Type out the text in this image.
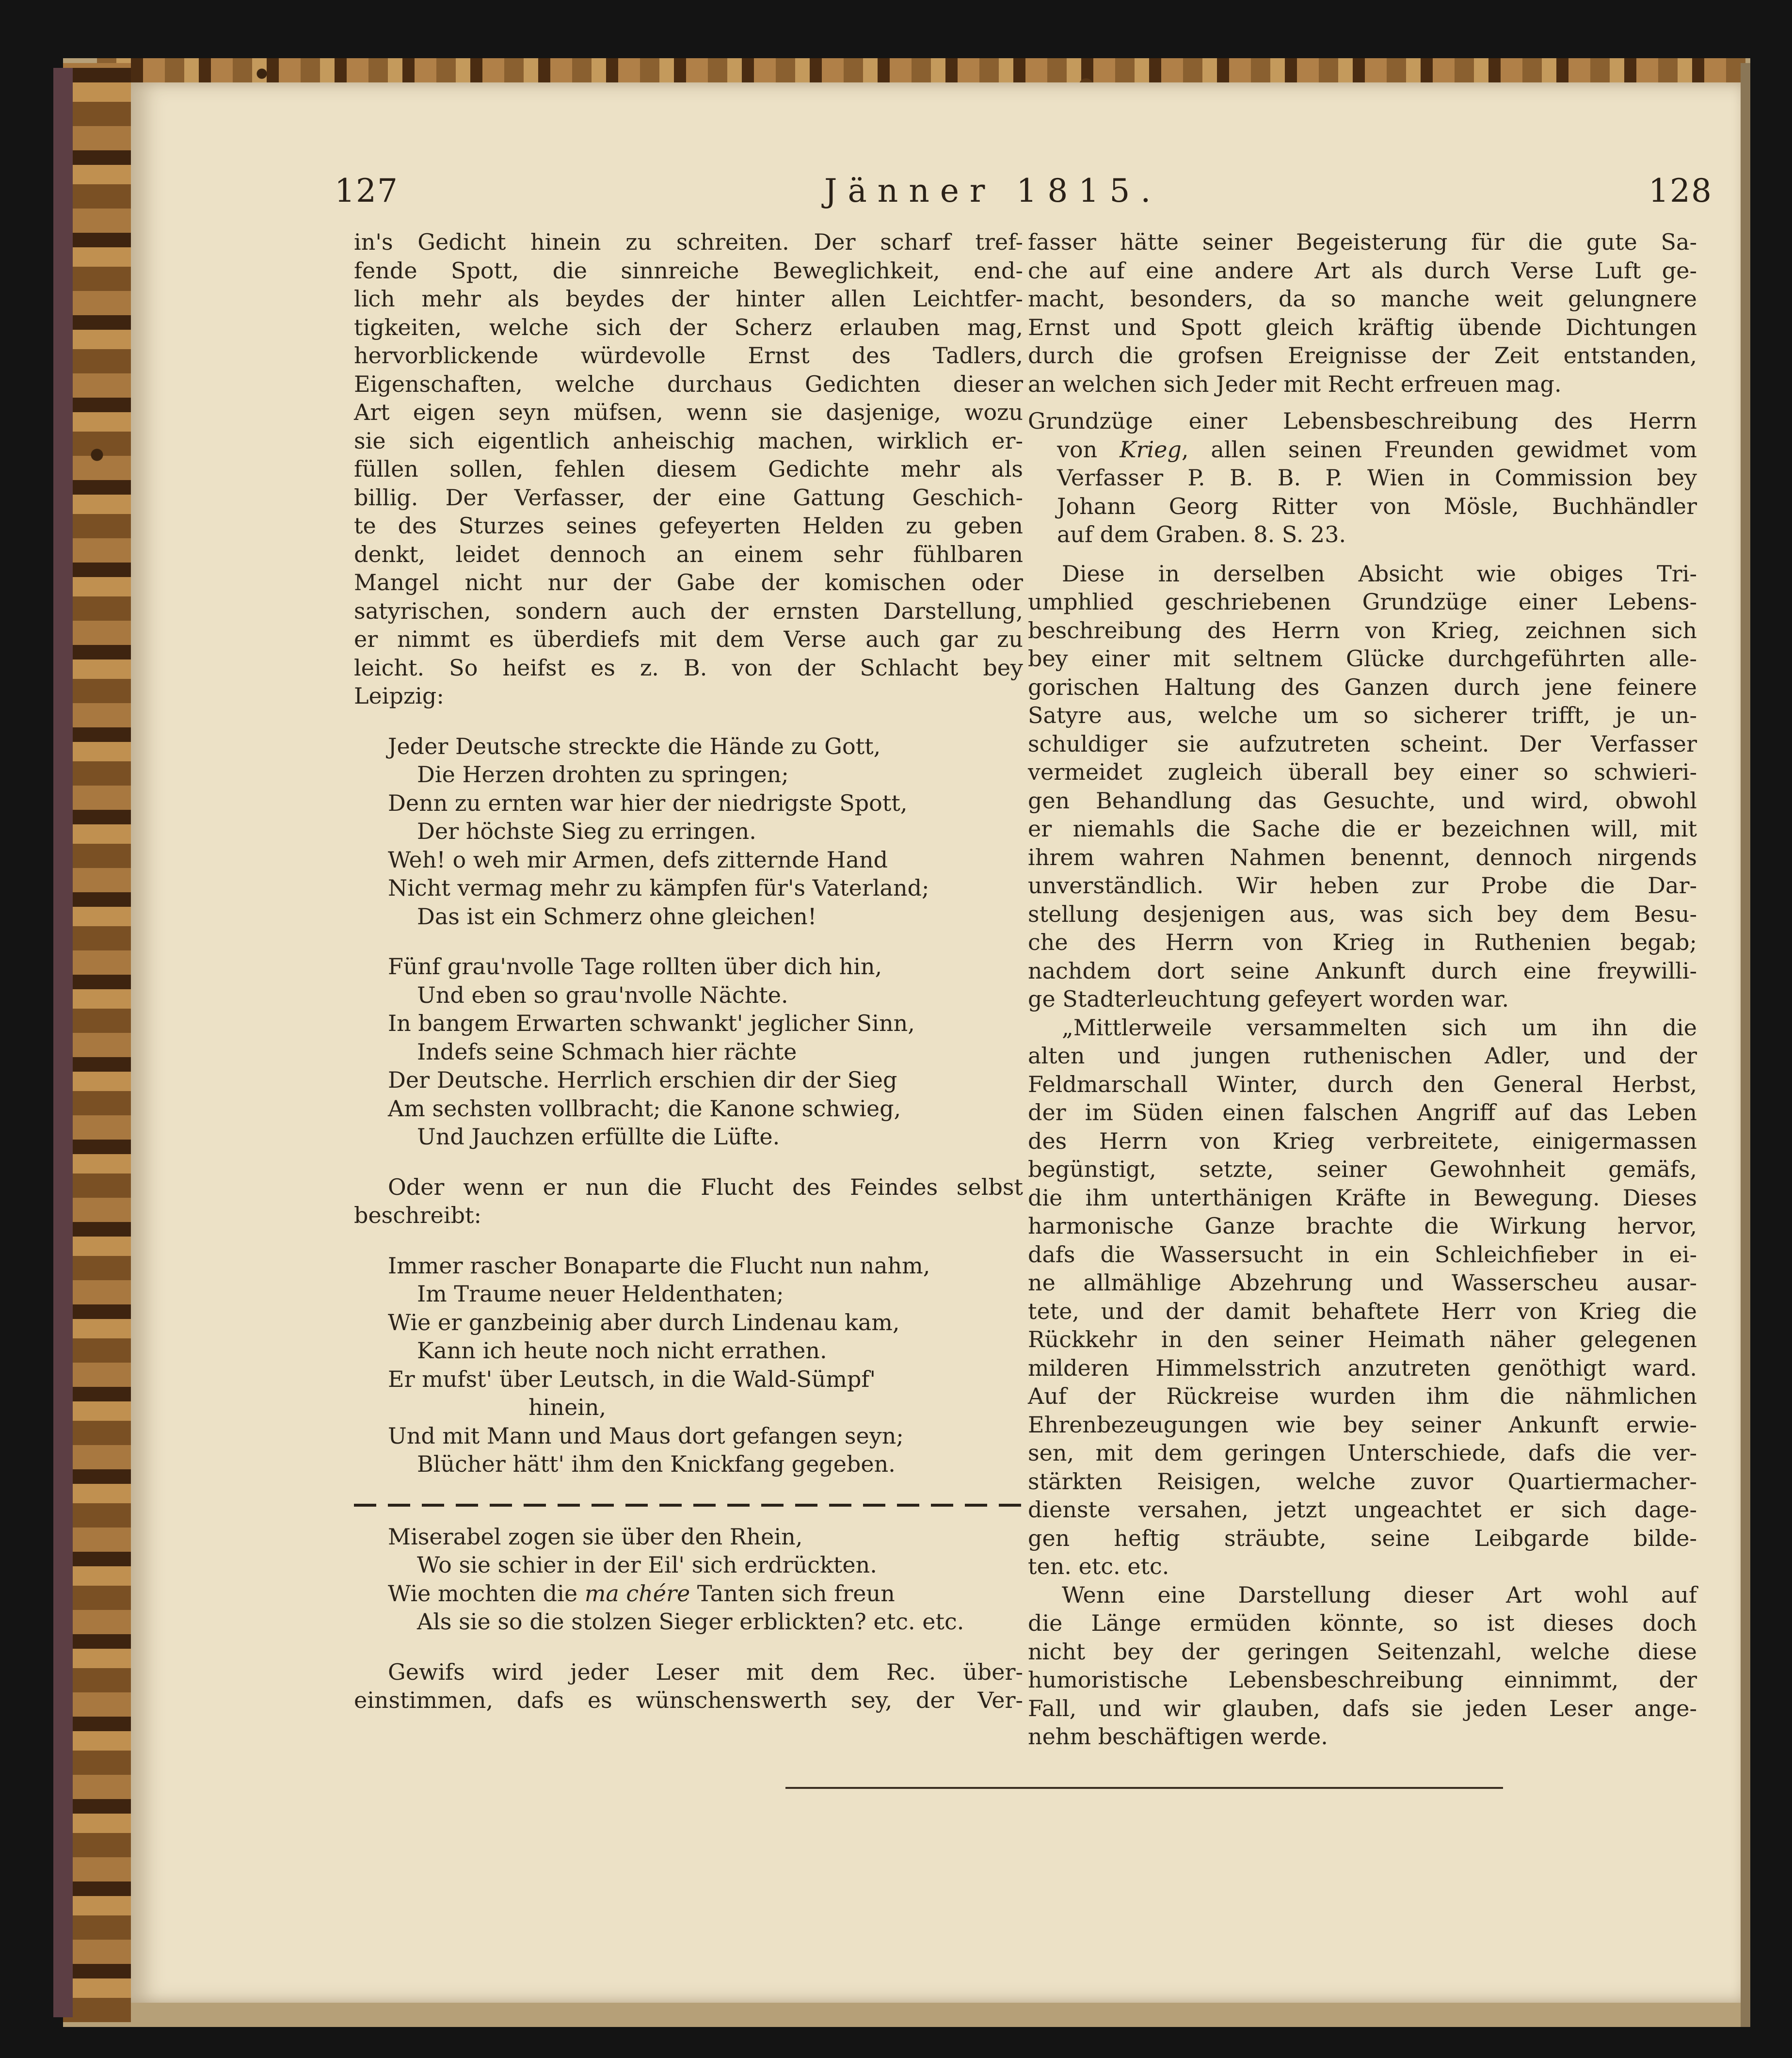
127	Jänner 1815.	128

in's Gedicht hinein zu schreiten. Der scharf tref-

fende Spott, die sinnreiche Beweglichkeit, end-

lich mehr als beydes der hinter allen Leichtfer-

tigkeiten, welche sich der Scherz erlauben mag,

hervorblickende würdevolle Ernst des Tadlers,

Eigenschaften, welche durchaus Gedichten dieser

Art eigen seyn müfsen, wenn sie dasjenige, wozu

sie sich eigentlich anheischig machen, wirklich er-

füllen sollen, fehlen diesem Gedichte mehr als

billig. Der Verfasser, der eine Gattung Geschich-

te des Sturzes seines gefeyerten Helden zu geben

denkt, leidet dennoch an einem sehr fühlbaren

Mangel nicht nur der Gabe der komischen oder

satyrischen, sondern auch der ernsten Darstellung,

er nimmt es überdiefs mit dem Verse auch gar zu

leicht. So heifst es z. B. von der Schlacht bey

Leipzig:

Jeder Deutsche streckte die Hände zu Gott,

Die Herzen drohten zu springen;

Denn zu ernten war hier der niedrigste Spott,

Der höchste Sieg zu erringen.

Weh! o weh mir Armen, defs zitternde Hand

Nicht vermag mehr zu kämpfen für's Vaterland;

Das ist ein Schmerz ohne gleichen!

Fünf grau'nvolle Tage rollten über dich hin,

Und eben so grau'nvolle Nächte.

In bangem Erwarten schwankt' jeglicher Sinn,

Indefs seine Schmach hier rächte

Der Deutsche. Herrlich erschien dir der Sieg

Am sechsten vollbracht; die Kanone schwieg,

Und Jauchzen erfüllte die Lüfte.

Oder wenn er nun die Flucht des Feindes selbst

beschreibt:

Immer rascher Bonaparte die Flucht nun nahm,

Im Traume neuer Heldenthaten;

Wie er ganzbeinig aber durch Lindenau kam,

Kann ich heute noch nicht errathen.

Er mufst' über Leutsch, in die Wald-Sümpf'

hinein,

Und mit Mann und Maus dort gefangen seyn;

Blücher hätt' ihm den Knickfang gegeben.

Miserabel zogen sie über den Rhein,

Wo sie schier in der Eil' sich erdrückten.

Wie mochten die ma chére Tanten sich freun

Als sie so die stolzen Sieger erblickten? etc. etc.

Gewifs wird jeder Leser mit dem Rec. über-

einstimmen, dafs es wünschenswerth sey, der Ver-

fasser hätte seiner Begeisterung für die gute Sa-

che auf eine andere Art als durch Verse Luft ge-

macht, besonders, da so manche weit gelungnere

Ernst und Spott gleich kräftig übende Dichtungen

durch die grofsen Ereignisse der Zeit entstanden,

an welchen sich Jeder mit Recht erfreuen mag.

Grundzüge einer Lebensbeschreibung des Herrn

von Krieg, allen seinen Freunden gewidmet vom

Verfasser P. B. B. P. Wien in Commission bey

Johann Georg Ritter von Mösle, Buchhändler

auf dem Graben. 8. S. 23.

Diese in derselben Absicht wie obiges Tri-

umphlied geschriebenen Grundzüge einer Lebens-

beschreibung des Herrn von Krieg, zeichnen sich

bey einer mit seltnem Glücke durchgeführten alle-

gorischen Haltung des Ganzen durch jene feinere

Satyre aus, welche um so sicherer trifft, je un-

schuldiger sie aufzutreten scheint. Der Verfasser

vermeidet zugleich überall bey einer so schwieri-

gen Behandlung das Gesuchte, und wird, obwohl

er niemahls die Sache die er bezeichnen will, mit

ihrem wahren Nahmen benennt, dennoch nirgends

unverständlich. Wir heben zur Probe die Dar-

stellung desjenigen aus, was sich bey dem Besu-

che des Herrn von Krieg in Ruthenien begab;

nachdem dort seine Ankunft durch eine freywilli-

ge Stadterleuchtung gefeyert worden war.

„Mittlerweile versammelten sich um ihn die

alten und jungen ruthenischen Adler, und der

Feldmarschall Winter, durch den General Herbst,

der im Süden einen falschen Angriff auf das Leben

des Herrn von Krieg verbreitete, einigermassen

begünstigt, setzte, seiner Gewohnheit gemäfs,

die ihm unterthänigen Kräfte in Bewegung. Dieses

harmonische Ganze brachte die Wirkung hervor,

dafs die Wassersucht in ein Schleichfieber in ei-

ne allmählige Abzehrung und Wasserscheu ausar-

tete, und der damit behaftete Herr von Krieg die

Rückkehr in den seiner Heimath näher gelegenen

milderen Himmelsstrich anzutreten genöthigt ward.

Auf der Rückreise wurden ihm die nähmlichen

Ehrenbezeugungen wie bey seiner Ankunft erwie-

sen, mit dem geringen Unterschiede, dafs die ver-

stärkten Reisigen, welche zuvor Quartiermacher-

dienste versahen, jetzt ungeachtet er sich dage-

gen heftig sträubte, seine Leibgarde bilde-

ten. etc. etc.

Wenn eine Darstellung dieser Art wohl auf

die Länge ermüden könnte, so ist dieses doch

nicht bey der geringen Seitenzahl, welche diese

humoristische Lebensbeschreibung einnimmt, der

Fall, und wir glauben, dafs sie jeden Leser ange-

nehm beschäftigen werde.
